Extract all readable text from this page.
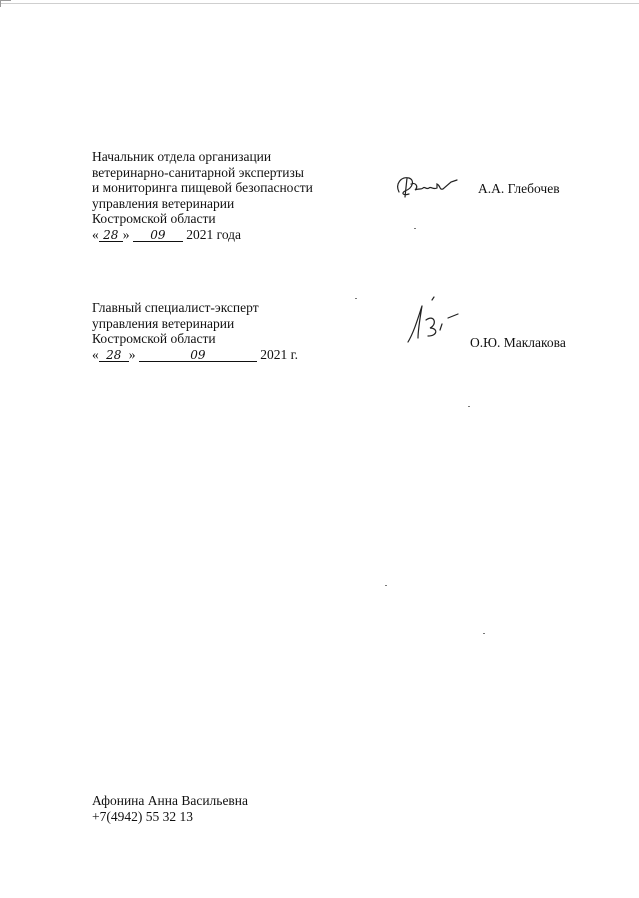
Начальник отдела организации
ветеринарно-санитарной экспертизы
и мониторинга пищевой безопасности
управления ветеринарии
Костромской области
« 28 » 09 2021 года
А.А. Глебочев
Главный специалист-эксперт
управления ветеринарии
Костромской области
« 28 »	09	2021 г.
О.Ю. Маклакова
Афонина Анна Васильевна
+7(4942) 55 32 13
